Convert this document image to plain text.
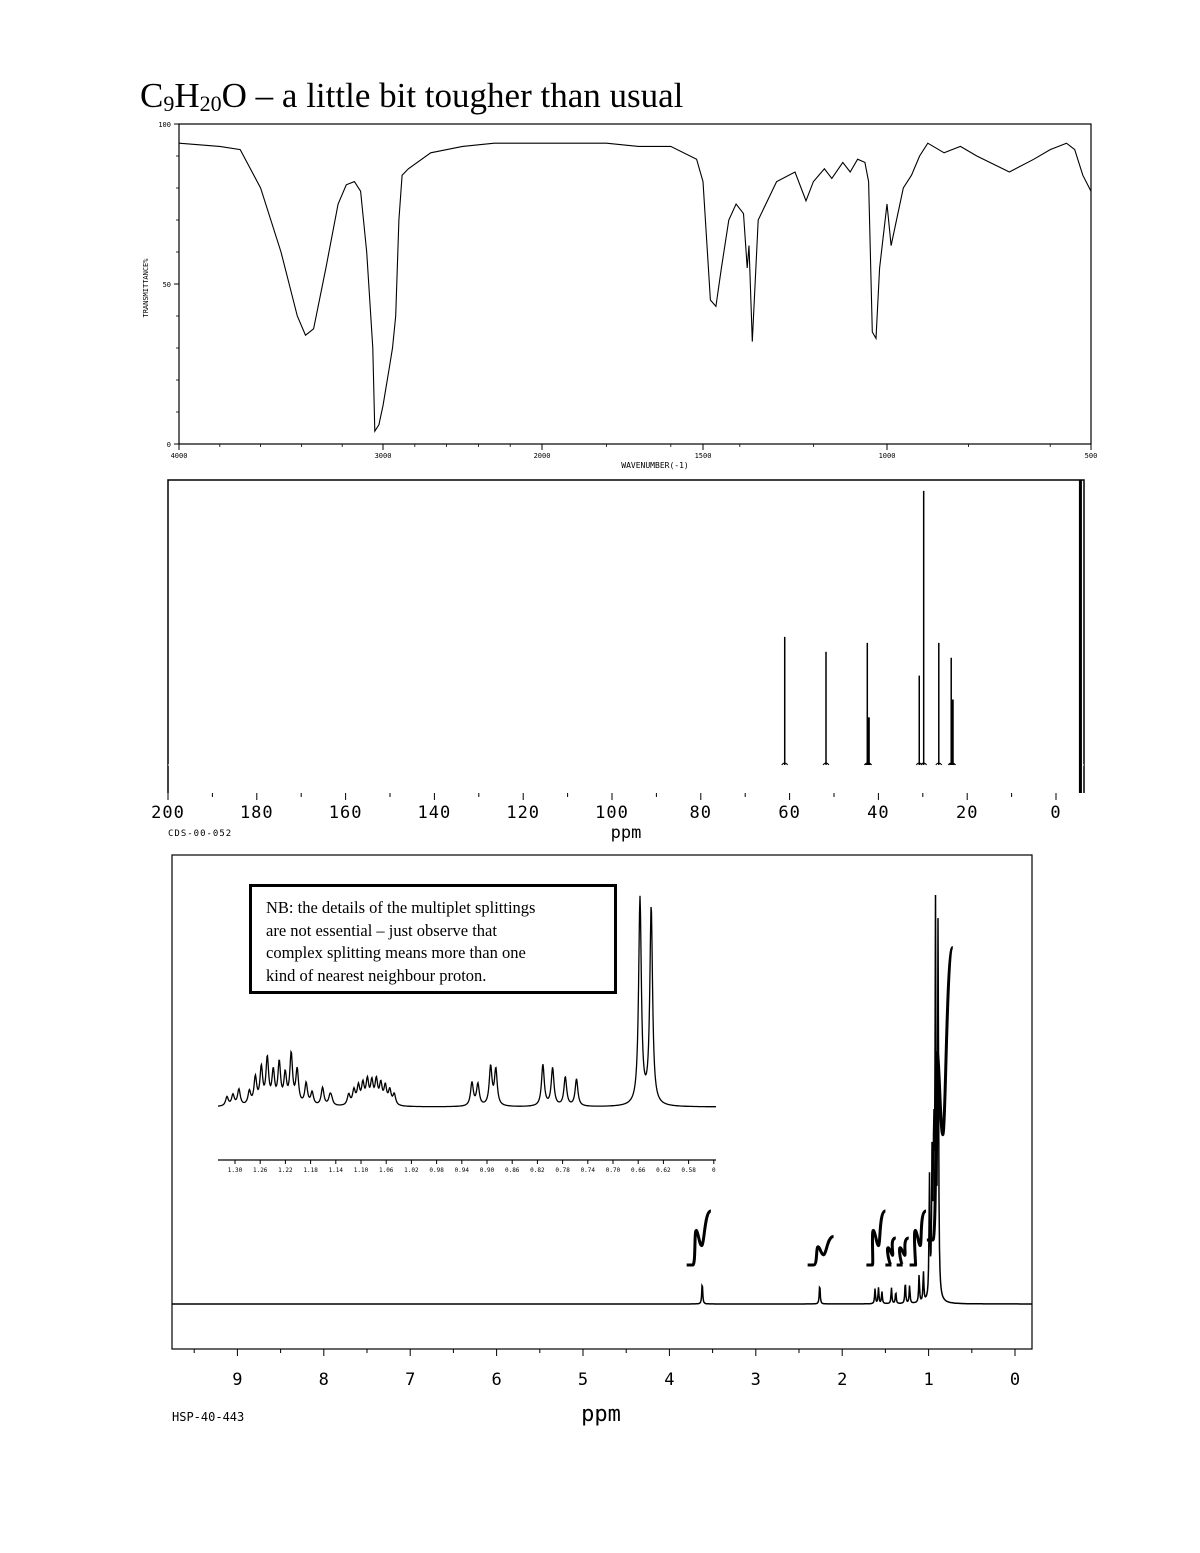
$C_9H_{20}O$ – a little bit tougher than usual
4000	3000	2000	1500	1000	500
100
50
0
WAVENUMBER(-1)
TRANSMITTANCE%
200	180	160	140	120	100	80	60	40	20	0
ppm
CDS-00-052
9	8	7	6	5	4	3	2	1	0
ppm
HSP-40-443
1.30 1.26 1.22 1.18 1.14 1.10 1.06 1.02 0.98 0.94 0.90 0.86 0.82 0.78 0.74 0.70 0.66 0.62 0.58	0
NB: the details of the multiplet splittings
are not essential – just observe that
complex splitting means more than one
kind of nearest neighbour proton.
